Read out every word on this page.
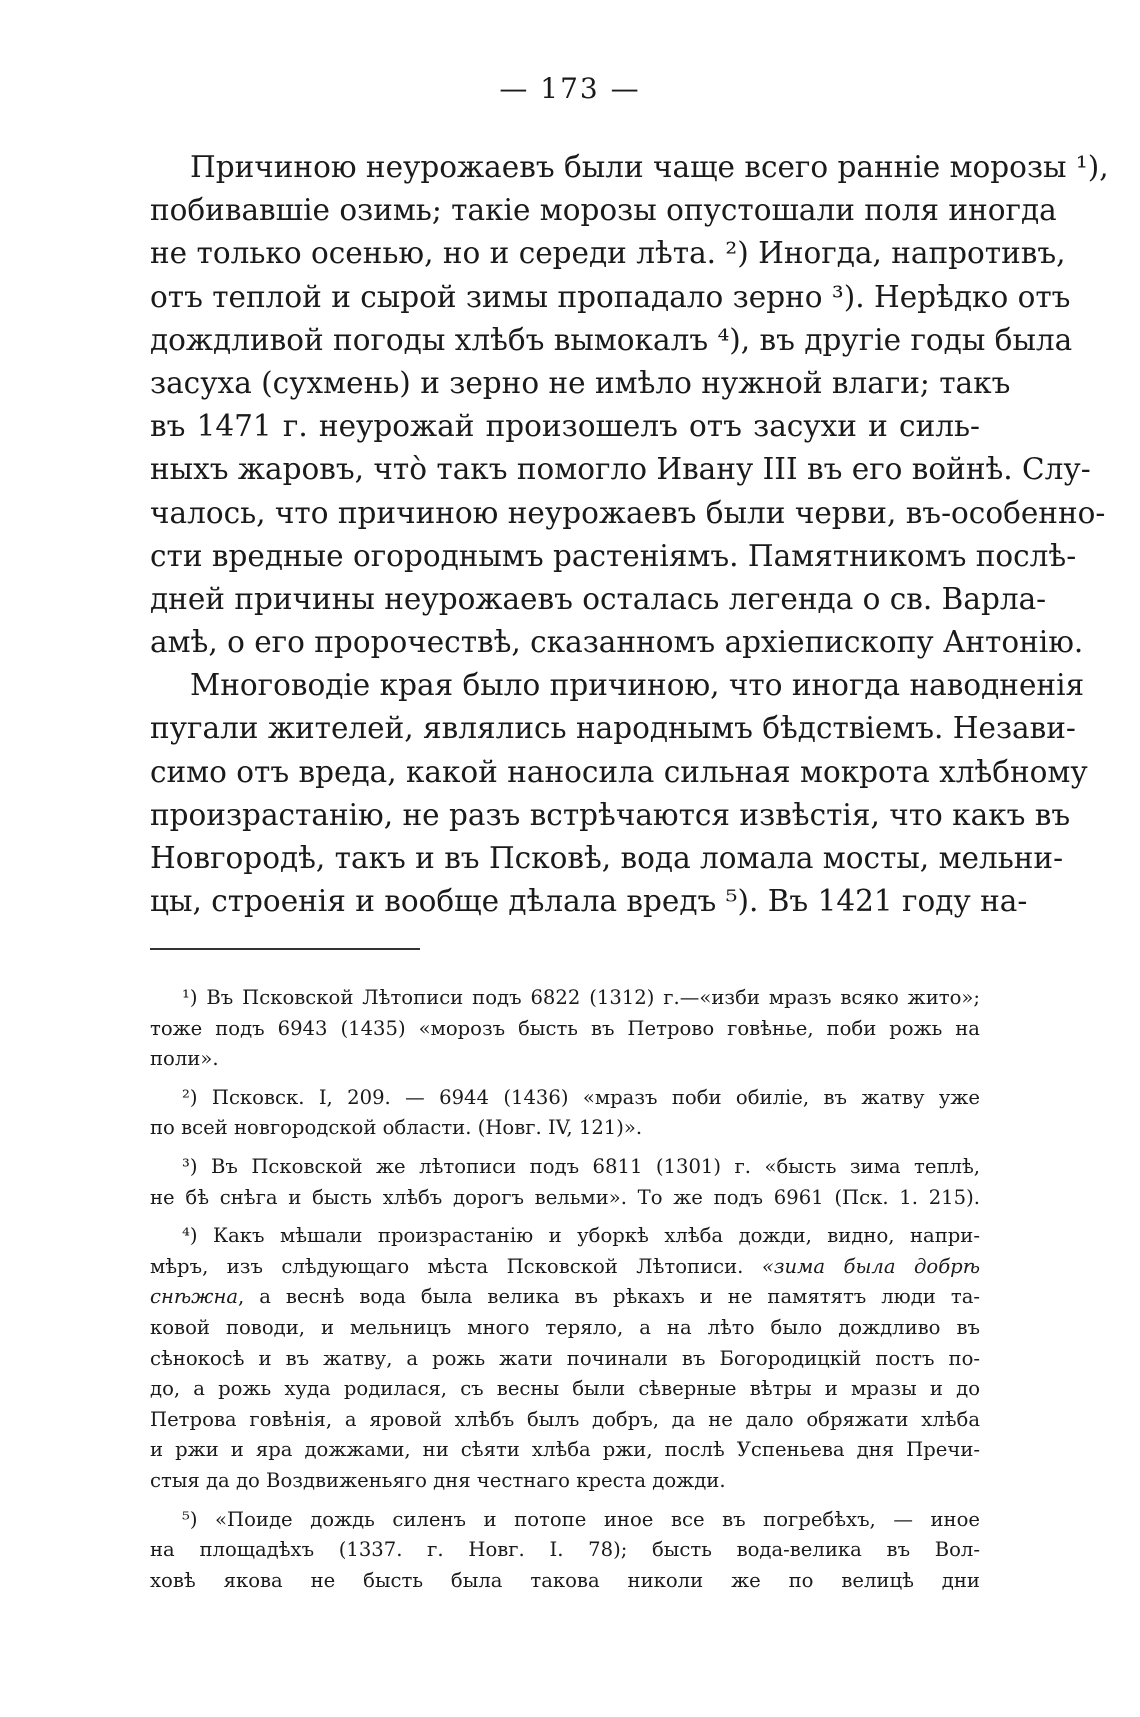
— 173 —
Причиною неурожаевъ были чаще всего раннiе морозы ¹),
побивавшiе озимь; такiе морозы опустошали поля иногда
не только осенью, но и середи лѣта. ²) Иногда, напротивъ,
отъ теплой и сырой зимы пропадало зерно ³). Нерѣдко отъ
дождливой погоды хлѣбъ вымокалъ ⁴), въ другiе годы была
засуха (сухмень) и зерно не имѣло нужной влаги; такъ
въ 1471 г. неурожай произошелъ отъ засухи и силь-
ныхъ жаровъ, что̀ такъ помогло Ивану III въ его войнѣ. Слу-
чалось, что причиною неурожаевъ были черви, въ-особенно-
сти вредные огороднымъ растенiямъ. Памятникомъ послѣ-
дней причины неурожаевъ осталась легенда о св. Варла-
амѣ, о его пророчествѣ, сказанномъ архiепископу Антонiю.
Многоводiе края было причиною, что иногда наводненiя
пугали жителей, являлись народнымъ бѣдствiемъ. Незави-
симо отъ вреда, какой наносила сильная мокрота хлѣбному
произрастанiю, не разъ встрѣчаются извѣстiя, что какъ въ
Новгородѣ, такъ и въ Псковѣ, вода ломала мосты, мельни-
цы, строенiя и вообще дѣлала вредъ ⁵). Въ 1421 году на-
¹) Въ Псковской Лѣтописи подъ 6822 (1312) г.—«изби мразъ всяко жито»;
тоже подъ 6943 (1435) «морозъ бысть въ Петрово говѣнье, поби рожь на
поли».
²) Псковск. I, 209. — 6944 (1436) «мразъ поби обилiе, въ жатву уже
по всей новгородской области. (Новг. IV, 121)».
³) Въ Псковской же лѣтописи подъ 6811 (1301) г. «бысть зима теплѣ,
не бѣ снѣга и бысть хлѣбъ дорогъ вельми». То же подъ 6961 (Пск. 1. 215).
⁴) Какъ мѣшали произрастанiю и уборкѣ хлѣба дожди, видно, напри-
мѣръ, изъ слѣдующаго мѣста Псковской Лѣтописи. «зима была добрѣ
снѣжна, а веснѣ вода была велика въ рѣкахъ и не памятятъ люди та-
ковой поводи, и мельницъ много теряло, а на лѣто было дождливо въ
сѣнокосѣ и въ жатву, а рожь жати починали въ Богородицкiй постъ по-
до, а рожь худа родилася, съ весны были сѣверные вѣтры и мразы и до
Петрова говѣнiя, а яровой хлѣбъ былъ добръ, да не дало обряжати хлѣба
и ржи и яра дожжами, ни сѣяти хлѣба ржи, послѣ Успеньева дня Пречи-
стыя да до Воздвиженьяго дня честнаго креста дожди.
⁵) «Поиде дождь силенъ и потопе иное все въ погребѣхъ, — иное
на площадѣхъ (1337. г. Новг. I. 78); бысть вода-велика въ Вол-
ховѣ якова не бысть была такова николи же по велицѣ дни
